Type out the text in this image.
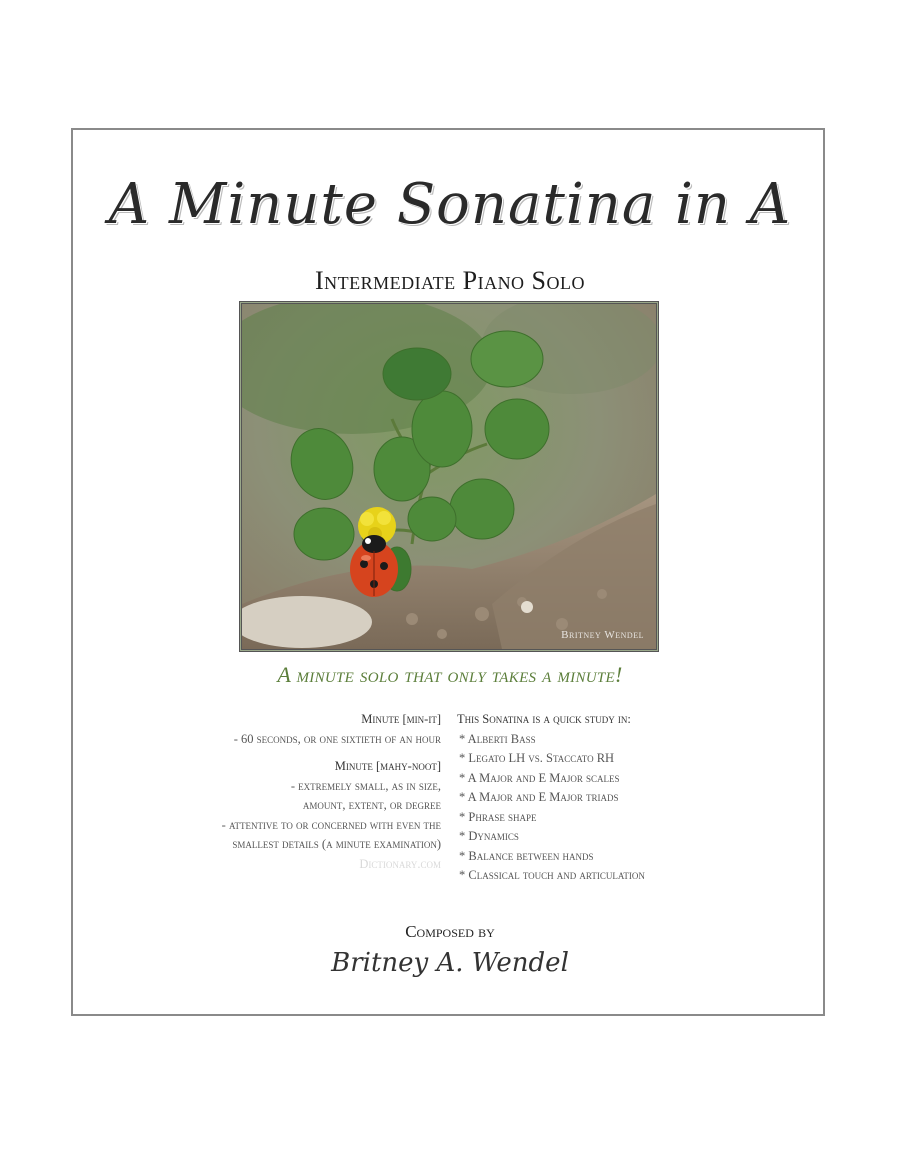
A Minute Sonatina in A
Intermediate Piano Solo
Britney Wendel
A minute solo that only takes a minute!
Minute [min-it]
- 60 seconds, or one sixtieth of an hour
Minute [mahy-noot]
- extremely small, as in size,
amount, extent, or degree
- attentive to or concerned with even the
smallest details (a minute examination)
Dictionary.com
This Sonatina is a quick study in:
* Alberti Bass
* Legato LH vs. Staccato RH
* A Major and E Major scales
* A Major and E Major triads
* Phrase shape
* Dynamics
* Balance between hands
* Classical touch and articulation
Composed by
Britney A. Wendel
